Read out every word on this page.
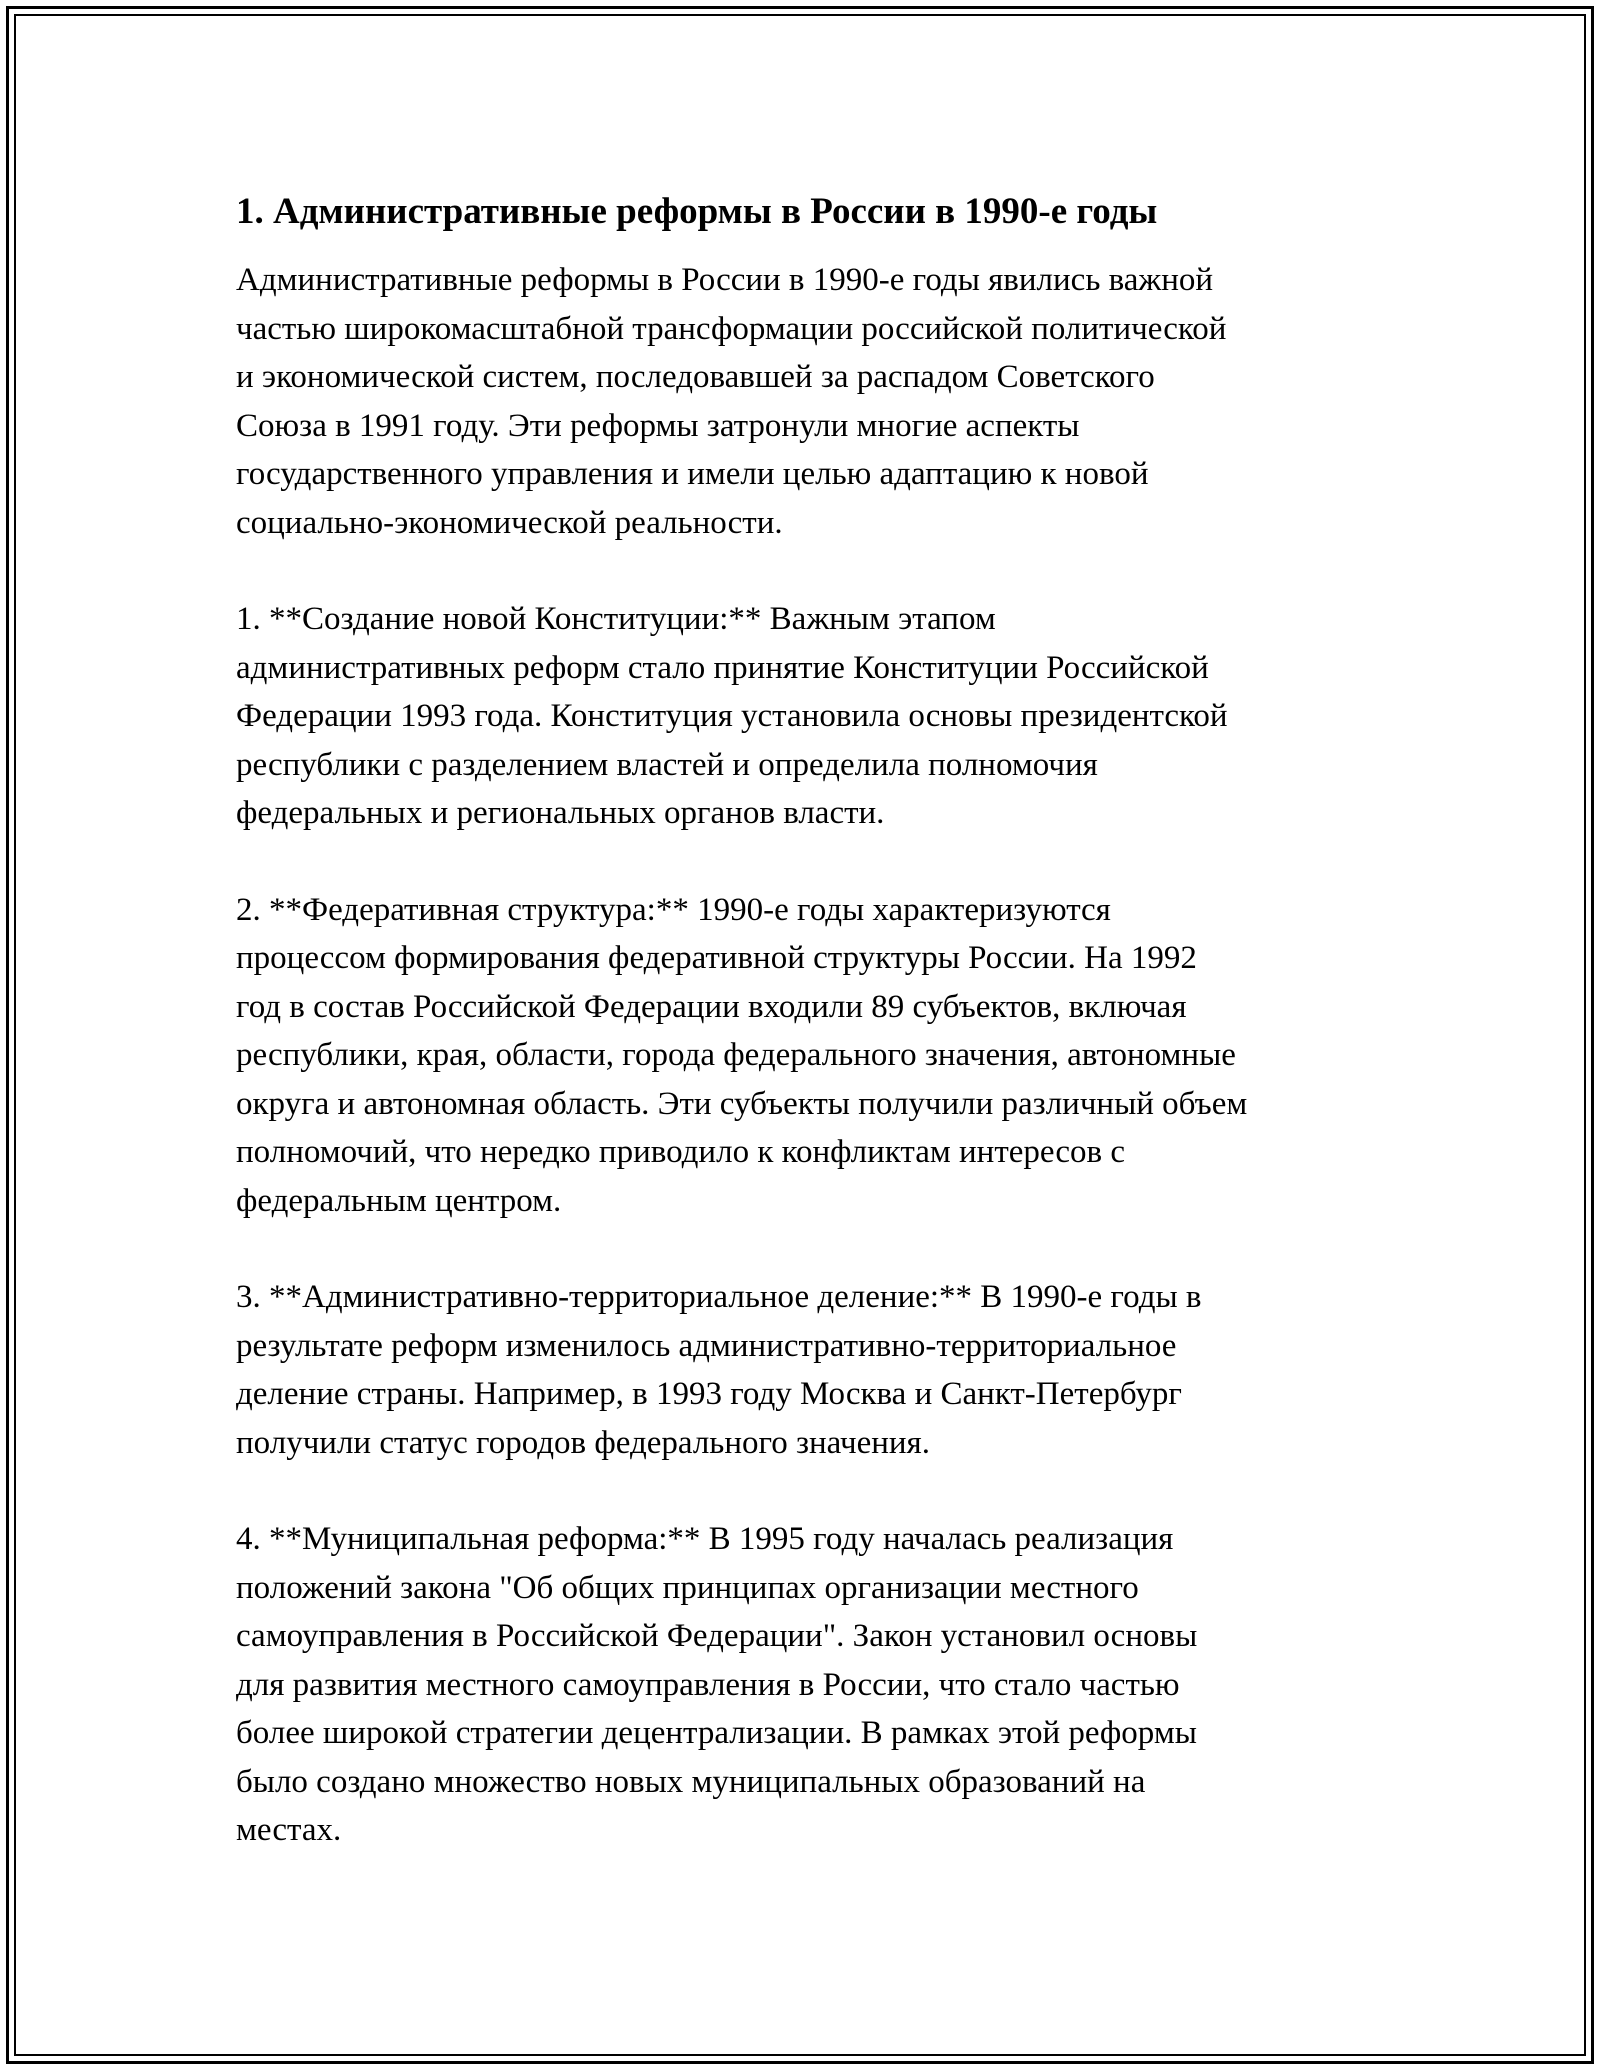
1. Административные реформы в России в 1990-е годы

Административные реформы в России в 1990-е годы явились важной
частью широкомасштабной трансформации российской политической
и экономической систем, последовавшей за распадом Советского
Союза в 1991 году. Эти реформы затронули многие аспекты
государственного управления и имели целью адаптацию к новой
социально-экономической реальности.

1. **Создание новой Конституции:** Важным этапом
административных реформ стало принятие Конституции Российской
Федерации 1993 года. Конституция установила основы президентской
республики с разделением властей и определила полномочия
федеральных и региональных органов власти.

2. **Федеративная структура:** 1990-е годы характеризуются
процессом формирования федеративной структуры России. На 1992
год в состав Российской Федерации входили 89 субъектов, включая
республики, края, области, города федерального значения, автономные
округа и автономная область. Эти субъекты получили различный объем
полномочий, что нередко приводило к конфликтам интересов с
федеральным центром.

3. **Административно-территориальное деление:** В 1990-е годы в
результате реформ изменилось административно-территориальное
деление страны. Например, в 1993 году Москва и Санкт-Петербург
получили статус городов федерального значения.

4. **Муниципальная реформа:** В 1995 году началась реализация
положений закона "Об общих принципах организации местного
самоуправления в Российской Федерации". Закон установил основы
для развития местного самоуправления в России, что стало частью
более широкой стратегии децентрализации. В рамках этой реформы
было создано множество новых муниципальных образований на
местах.
